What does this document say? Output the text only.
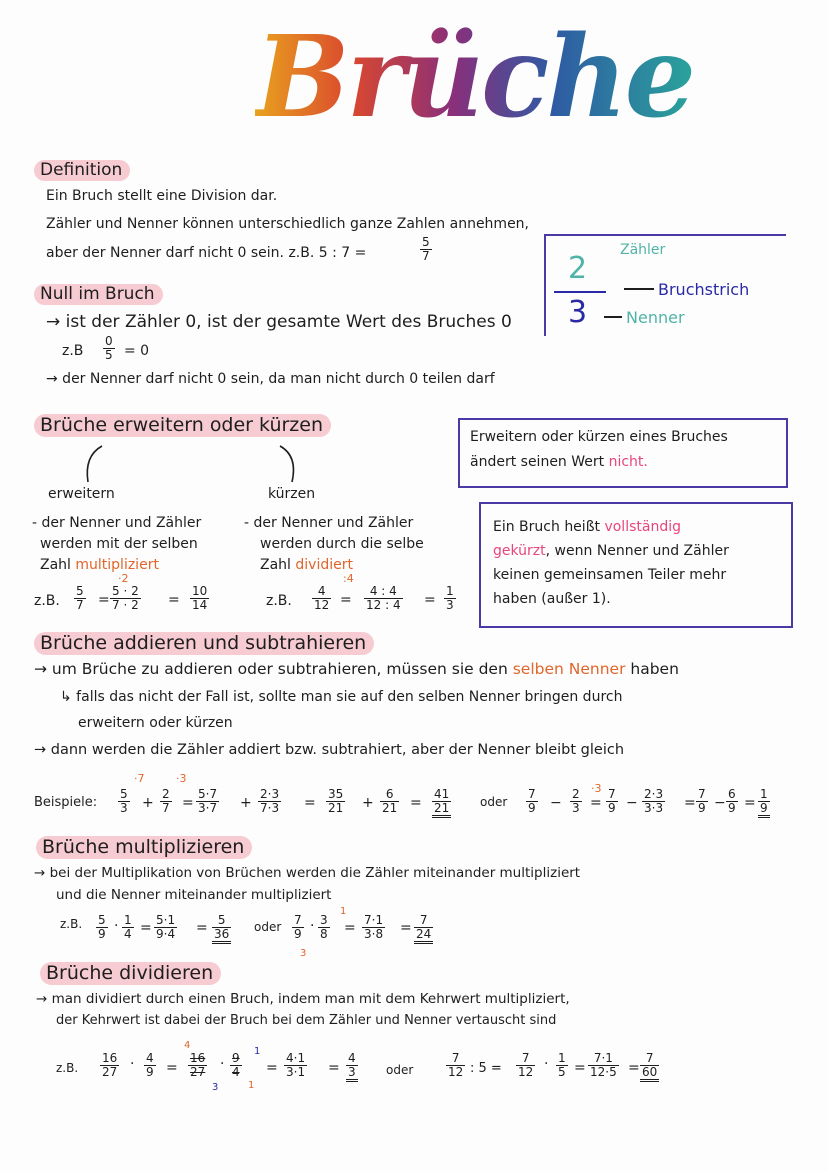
Brüche
Definition
Ein Bruch stellt eine Division dar.
Zähler und Nenner können unterschiedlich ganze Zahlen annehmen,
aber der Nenner darf nicht 0 sein. z.B. 5 : 7 =
5
7	2
3
Zähler
Bruchstrich
Nenner
Null im Bruch
→ ist der Zähler 0, ist der gesamte Wert des Bruches 0
z.B
0
5 = 0
→ der Nenner darf nicht 0 sein, da man nicht durch 0 teilen darf
Brüche erweitern oder kürzen
Erweitern oder kürzen eines Bruches
ändert seinen Wert nicht.
erweitern	kürzen
- der Nenner und Zähler
werden mit der selben
Zahl multipliziert
- der Nenner und Zähler
werden durch die selbe
Zahl dividiert
z.B.
5
7
·2
=
5 · 2
7 · 2 =
10
14	z.B.
4
12
:4
=
4 : 4
12 : 4 =
1
3
Ein Bruch heißt vollständig
gekürzt, wenn Nenner und Zähler
keinen gemeinsamen Teiler mehr
haben (außer 1).
Brüche addieren und subtrahieren
→ um Brüche zu addieren oder subtrahieren, müssen sie den selben Nenner haben
↳ falls das nicht der Fall ist, sollte man sie auf den selben Nenner bringen durch
erweitern oder kürzen
→ dann werden die Zähler addiert bzw. subtrahiert, aber der Nenner bleibt gleich
Beispiele:
·7	·3
·3
5
3 +
2
7 =
5·7
3·7 +
2·3
7·3 =
35
21 +
6
21 =
41
21	oder
7
9 −
2
3 =
7
9 −
2·3
3·3 =
7
9 −
6
9 =
1
9
Brüche multiplizieren
→ bei der Multiplikation von Brüchen werden die Zähler miteinander multipliziert
und die Nenner miteinander multipliziert
z.B. 5
9 · 1
4 = 5·1
9·4 = 5
36 oder 7
9 · 3
8
1
3
= 7·1
3·8 = 7
24
Brüche dividieren
→ man dividiert durch einen Bruch, indem man mit dem Kehrwert multipliziert,
der Kehrwert ist dabei der Bruch bei dem Zähler und Nenner vertauscht sind
z.B.
16
27 · 4
9 =
16
27 · 9
4
4
3
1
1
=
4·1
3·1 =
4
3	oder
7
12 : 5 =
7
12 · 1
5 =
7·1
12·5 =
7
60
